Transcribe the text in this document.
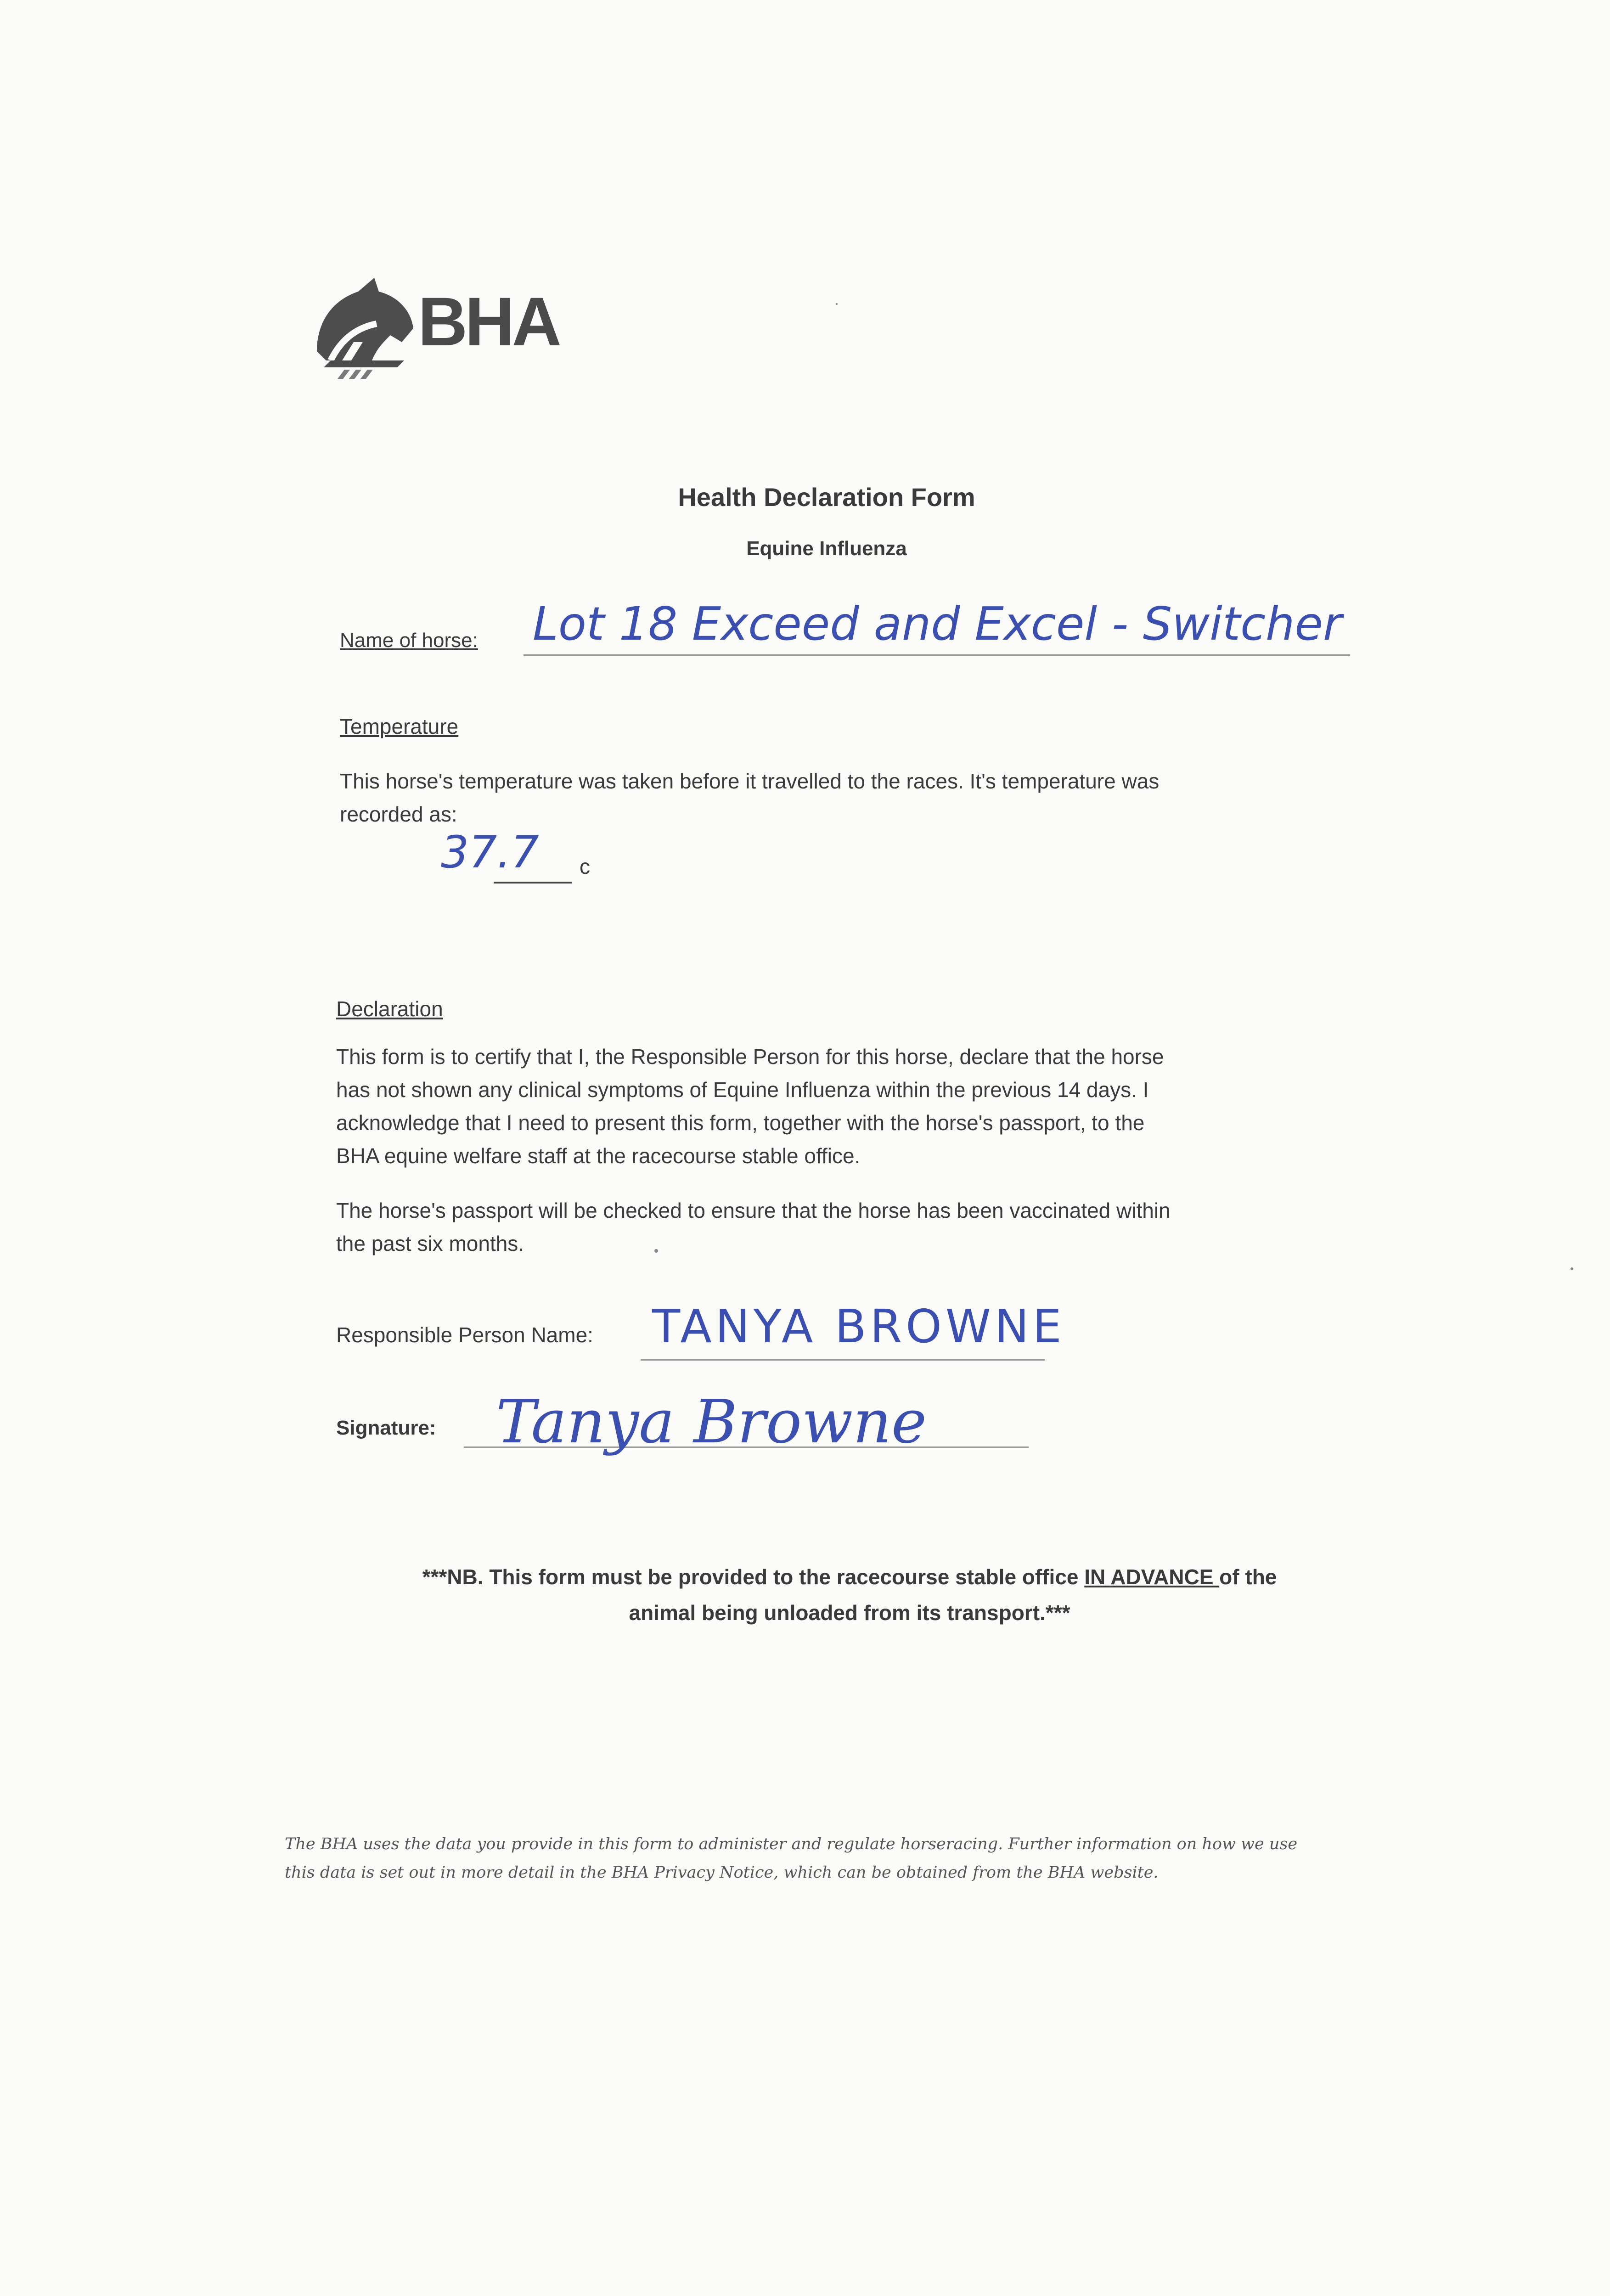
BHA
Health Declaration Form
Equine Influenza
Name of horse: Lot 18 Exceed and Excel - Switcher
Temperature
This horse's temperature was taken before it travelled to the races. It's temperature was
recorded as:
37.7 c
Declaration
This form is to certify that I, the Responsible Person for this horse, declare that the horse
has not shown any clinical symptoms of Equine Influenza within the previous 14 days. I
acknowledge that I need to present this form, together with the horse's passport, to the
BHA equine welfare staff at the racecourse stable office.
The horse's passport will be checked to ensure that the horse has been vaccinated within
the past six months.
Responsible Person Name: TANYA BROWNE
Signature: Tanya Browne
***NB. This form must be provided to the racecourse stable office IN ADVANCE of the
animal being unloaded from its transport.***
The BHA uses the data you provide in this form to administer and regulate horseracing. Further information on how we use
this data is set out in more detail in the BHA Privacy Notice, which can be obtained from the BHA website.
